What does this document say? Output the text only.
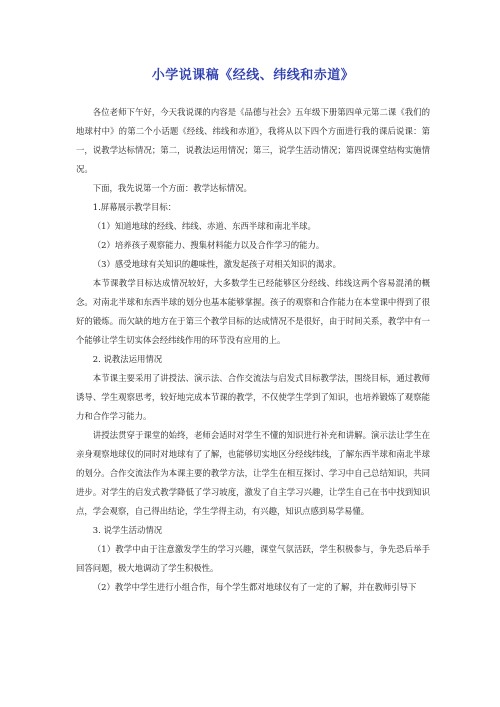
小学说课稿《经线、纬线和赤道》

各位老师下午好，今天我说课的内容是《品德与社会》五年级下册第四单元第二课《我们的地球村中》的第二个小话题《经线、纬线和赤道》，我将从以下四个方面进行我的课后说课：第一，说教学达标情况；第二，说教法运用情况；第三，说学生活动情况；第四说课堂结构实施情况。

下面，我先说第一个方面：教学达标情况。

1.屏幕展示教学目标：

（1）知道地球的经线、纬线、赤道、东西半球和南北半球。

（2）培养孩子观察能力、搜集材料能力以及合作学习的能力。

（3）感受地球有关知识的趣味性，激发起孩子对相关知识的渴求。

本节课教学目标达成情况较好，大多数学生已经能够区分经线、纬线这两个容易混淆的概念。对南北半球和东西半球的划分也基本能够掌握。孩子的观察和合作能力在本堂课中得到了很好的锻炼。而欠缺的地方在于第三个教学目标的达成情况不是很好，由于时间关系，教学中有一个能够让学生切实体会经纬线作用的环节没有应用的上。

2. 说教法运用情况

本节课主要采用了讲授法、演示法、合作交流法与启发式目标教学法，围绕目标，通过教师诱导、学生观察思考，较好地完成本节课的教学，不仅使学生学到了知识，也培养锻炼了观察能力和合作学习能力。

讲授法贯穿于课堂的始终，老师会适时对学生不懂的知识进行补充和讲解。演示法让学生在亲身观察地球仪的同时对地球有了了解，也能够切实地区分经线纬线，了解东西半球和南北半球的划分。合作交流法作为本课主要的教学方法，让学生在相互探讨、学习中自己总结知识，共同进步。对学生的启发式教学降低了学习坡度，激发了自主学习兴趣，让学生自己在书中找到知识点，学会观察，自己得出结论，学生学得主动，有兴趣，知识点感到易学易懂。

3. 说学生活动情况

（1）教学中由于注意激发学生的学习兴趣，课堂气氛活跃，学生积极参与，争先恐后举手回答问题，极大地调动了学生积极性。

（2）教学中学生进行小组合作，每个学生都对地球仪有了一定的了解，并在教师引导下
